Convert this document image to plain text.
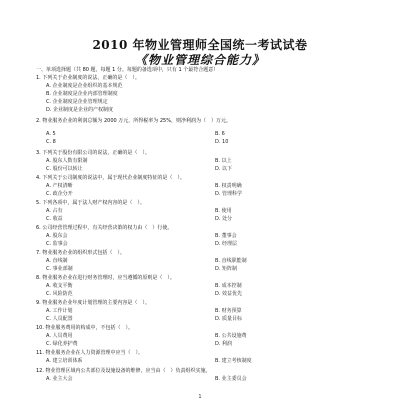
2010 年物业管理师全国统一考试试卷
《物业管理综合能力》
一、单项选择题（共 80 题，每题 1 分。每题的备选项中，只有 1 个最符合题意）
1. 下列关于企业制度的说法，正确的是（　）。
A. 企业制度是企业组织的基本规范
B. 企业制度是企业内部管理制度
C. 企业制度是企业管理规定
D. 企业制度是企业的产权制度
2. 物业服务企业的利润总额为 2000 万元，所得税率为 25%，则净利润为（　）万元。
A. 5	B. 6
C. 8	D. 10
3. 下列关于股份有限公司的说法，正确的是（　）。
A. 股东人数有限制	B. 以上
C. 股份可以转让	D. 以下
4. 下列关于公司制度的说法中，属于现代企业制度特征的是（　）。
A. 产权清晰	B. 权责明确
C. 政企分开	D. 管理科学
5. 下列各项中，属于法人财产权内容的是（　）。
A. 占有	B. 使用
C. 收益	D. 处分
6. 公司经营管理过程中，有关经营决策的权力由（　）行使。
A. 股东会	B. 董事会
C. 监事会	D. 经理层
7. 物业服务企业的组织形式包括（　）。
A. 直线制	B. 直线职能制
C. 事业部制	D. 矩阵制
8. 物业服务企业在进行财务管理时，应当遵循的原则是（　）。
A. 收支平衡	B. 成本控制
C. 风险防范	D. 效益优先
9. 物业服务企业年度计划管理的主要内容是（　）。
A. 工作计划	B. 财务预算
C. 人员配置	D. 质量目标
10. 物业服务费用的构成中，不包括（　）。
A. 人员费用	B. 公共设施费
C. 绿化养护费	D. 利润
11. 物业服务企业在人力资源管理中应当（　）。
A. 建立培训体系	B. 建立考核制度
12. 物业管理区域内公共部位及设施设备的维修，应当由（　）负责组织实施。
A. 业主大会	B. 业主委员会
1
